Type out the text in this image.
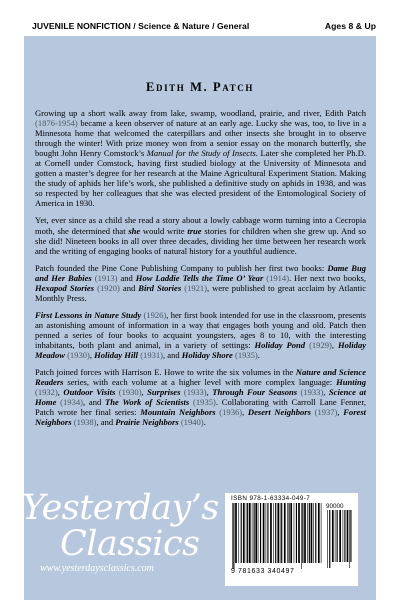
JUVENILE NONFICTION / Science & Nature / General	Ages 8 & Up
Edith M. Patch

Growing up a short walk away from lake, swamp, woodland, prairie, and river, Edith Patch (1876-1954) became a keen observer of nature at an early age. Lucky she was, too, to live in a Minnesota home that welcomed the caterpillars and other insects she brought in to observe through the winter! With prize money won from a senior essay on the monarch butterfly, she bought John Henry Comstock’s Manual for the Study of Insects. Later she completed her Ph.D. at Cornell under Comstock, having first studied biology at the University of Minnesota and gotten a master’s degree for her research at the Maine Agricultural Experiment Station. Making the study of aphids her life’s work, she published a definitive study on aphids in 1938, and was so respected by her colleagues that she was elected president of the Entomological Society of America in 1930.

Yet, ever since as a child she read a story about a lowly cabbage worm turning into a Cecropia moth, she determined that she would write true stories for children when she grew up. And so she did! Nineteen books in all over three decades, dividing her time between her research work and the writing of engaging books of natural history for a youthful audience.

Patch founded the Pine Cone Publishing Company to publish her first two books: Dame Bug and Her Babies (1913) and How Laddie Tells the Time O’ Year (1914). Her next two books, Hexapod Stories (1920) and Bird Stories (1921), were published to great acclaim by Atlantic Monthly Press.

First Lessons in Nature Study (1926), her first book intended for use in the classroom, presents an astonishing amount of information in a way that engages both young and old. Patch then penned a series of four books to acquaint youngsters, ages 8 to 10, with the interesting inhabitants, both plant and animal, in a variety of settings: Holiday Pond (1929), Holiday Meadow (1930), Holiday Hill (1931), and Holiday Shore (1935).

Patch joined forces with Harrison E. Howe to write the six volumes in the Nature and Science Readers series, with each volume at a higher level with more complex language: Hunting (1932), Outdoor Visits (1930), Surprises (1933), Through Four Seasons (1933), Science at Home (1934), and The Work of Scientists (1935). Collaborating with Carroll Lane Fenner, Patch wrote her final series: Mountain Neighbors (1936), Desert Neighbors (1937), Forest Neighbors (1938), and Prairie Neighbors (1940).

Yesterday’s
Classics
www.yesterdaysclassics.com
ISBN 978-1-63334-049-7
9 781633 340497
90000
